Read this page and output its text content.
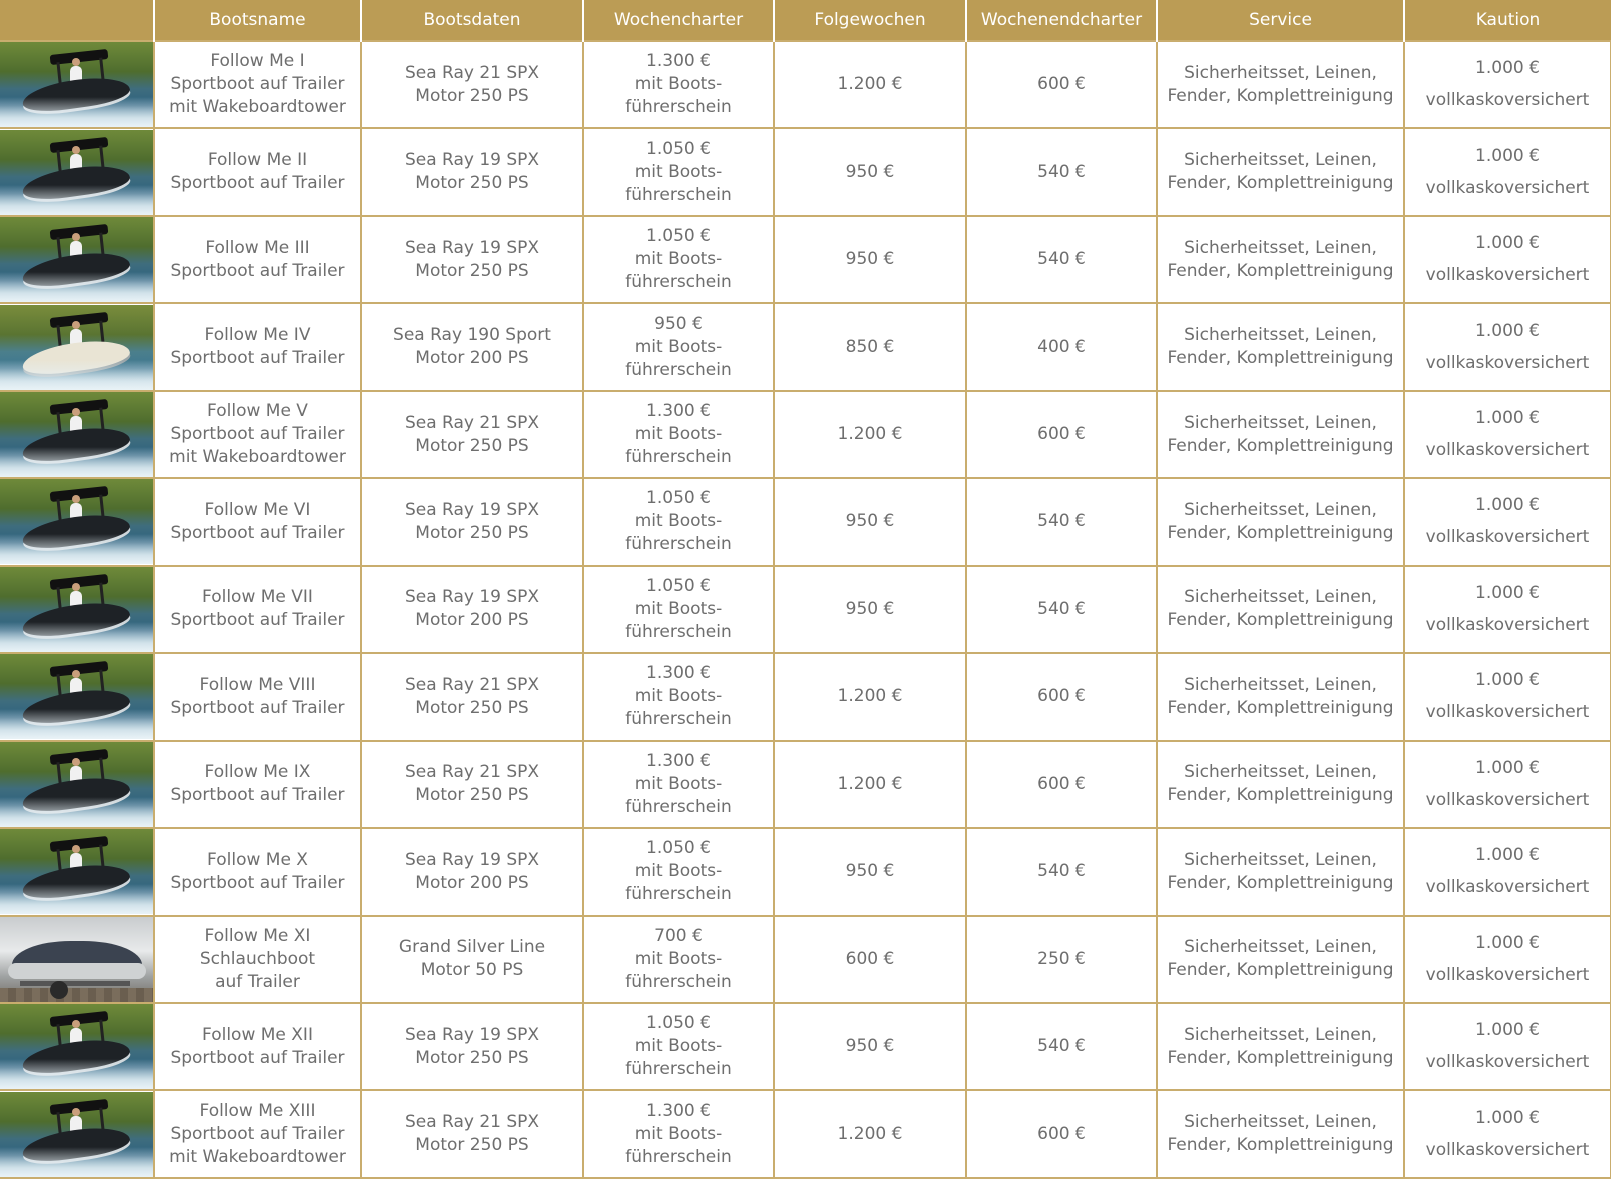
	Bootsname	Bootsdaten	Wochencharter	Folgewochen	Wochenendcharter	Service	Kaution

	Follow Me I
Sportboot auf Trailer
mit Wakeboardtower	Sea Ray 21 SPX
Motor 250 PS	1.300 €
mit Boots-
führerschein	1.200 €	600 €	Sicherheitsset, Leinen,
Fender, Komplettreinigung	1.000 €
vollkaskoversichert

	Follow Me II
Sportboot auf Trailer	Sea Ray 19 SPX
Motor 250 PS	1.050 €
mit Boots-
führerschein	950 €	540 €	Sicherheitsset, Leinen,
Fender, Komplettreinigung	1.000 €
vollkaskoversichert

	Follow Me III
Sportboot auf Trailer	Sea Ray 19 SPX
Motor 250 PS	1.050 €
mit Boots-
führerschein	950 €	540 €	Sicherheitsset, Leinen,
Fender, Komplettreinigung	1.000 €
vollkaskoversichert

	Follow Me IV
Sportboot auf Trailer	Sea Ray 190 Sport
Motor 200 PS	950 €
mit Boots-
führerschein	850 €	400 €	Sicherheitsset, Leinen,
Fender, Komplettreinigung	1.000 €
vollkaskoversichert

	Follow Me V
Sportboot auf Trailer
mit Wakeboardtower	Sea Ray 21 SPX
Motor 250 PS	1.300 €
mit Boots-
führerschein	1.200 €	600 €	Sicherheitsset, Leinen,
Fender, Komplettreinigung	1.000 €
vollkaskoversichert

	Follow Me VI
Sportboot auf Trailer	Sea Ray 19 SPX
Motor 250 PS	1.050 €
mit Boots-
führerschein	950 €	540 €	Sicherheitsset, Leinen,
Fender, Komplettreinigung	1.000 €
vollkaskoversichert

	Follow Me VII
Sportboot auf Trailer	Sea Ray 19 SPX
Motor 200 PS	1.050 €
mit Boots-
führerschein	950 €	540 €	Sicherheitsset, Leinen,
Fender, Komplettreinigung	1.000 €
vollkaskoversichert

	Follow Me VIII
Sportboot auf Trailer	Sea Ray 21 SPX
Motor 250 PS	1.300 €
mit Boots-
führerschein	1.200 €	600 €	Sicherheitsset, Leinen,
Fender, Komplettreinigung	1.000 €
vollkaskoversichert

	Follow Me IX
Sportboot auf Trailer	Sea Ray 21 SPX
Motor 250 PS	1.300 €
mit Boots-
führerschein	1.200 €	600 €	Sicherheitsset, Leinen,
Fender, Komplettreinigung	1.000 €
vollkaskoversichert

	Follow Me X
Sportboot auf Trailer	Sea Ray 19 SPX
Motor 200 PS	1.050 €
mit Boots-
führerschein	950 €	540 €	Sicherheitsset, Leinen,
Fender, Komplettreinigung	1.000 €
vollkaskoversichert

	Follow Me XI
Schlauchboot
auf Trailer	Grand Silver Line
Motor 50 PS	700 €
mit Boots-
führerschein	600 €	250 €	Sicherheitsset, Leinen,
Fender, Komplettreinigung	1.000 €
vollkaskoversichert

	Follow Me XII
Sportboot auf Trailer	Sea Ray 19 SPX
Motor 250 PS	1.050 €
mit Boots-
führerschein	950 €	540 €	Sicherheitsset, Leinen,
Fender, Komplettreinigung	1.000 €
vollkaskoversichert

	Follow Me XIII
Sportboot auf Trailer
mit Wakeboardtower	Sea Ray 21 SPX
Motor 250 PS	1.300 €
mit Boots-
führerschein	1.200 €	600 €	Sicherheitsset, Leinen,
Fender, Komplettreinigung	1.000 €
vollkaskoversichert
